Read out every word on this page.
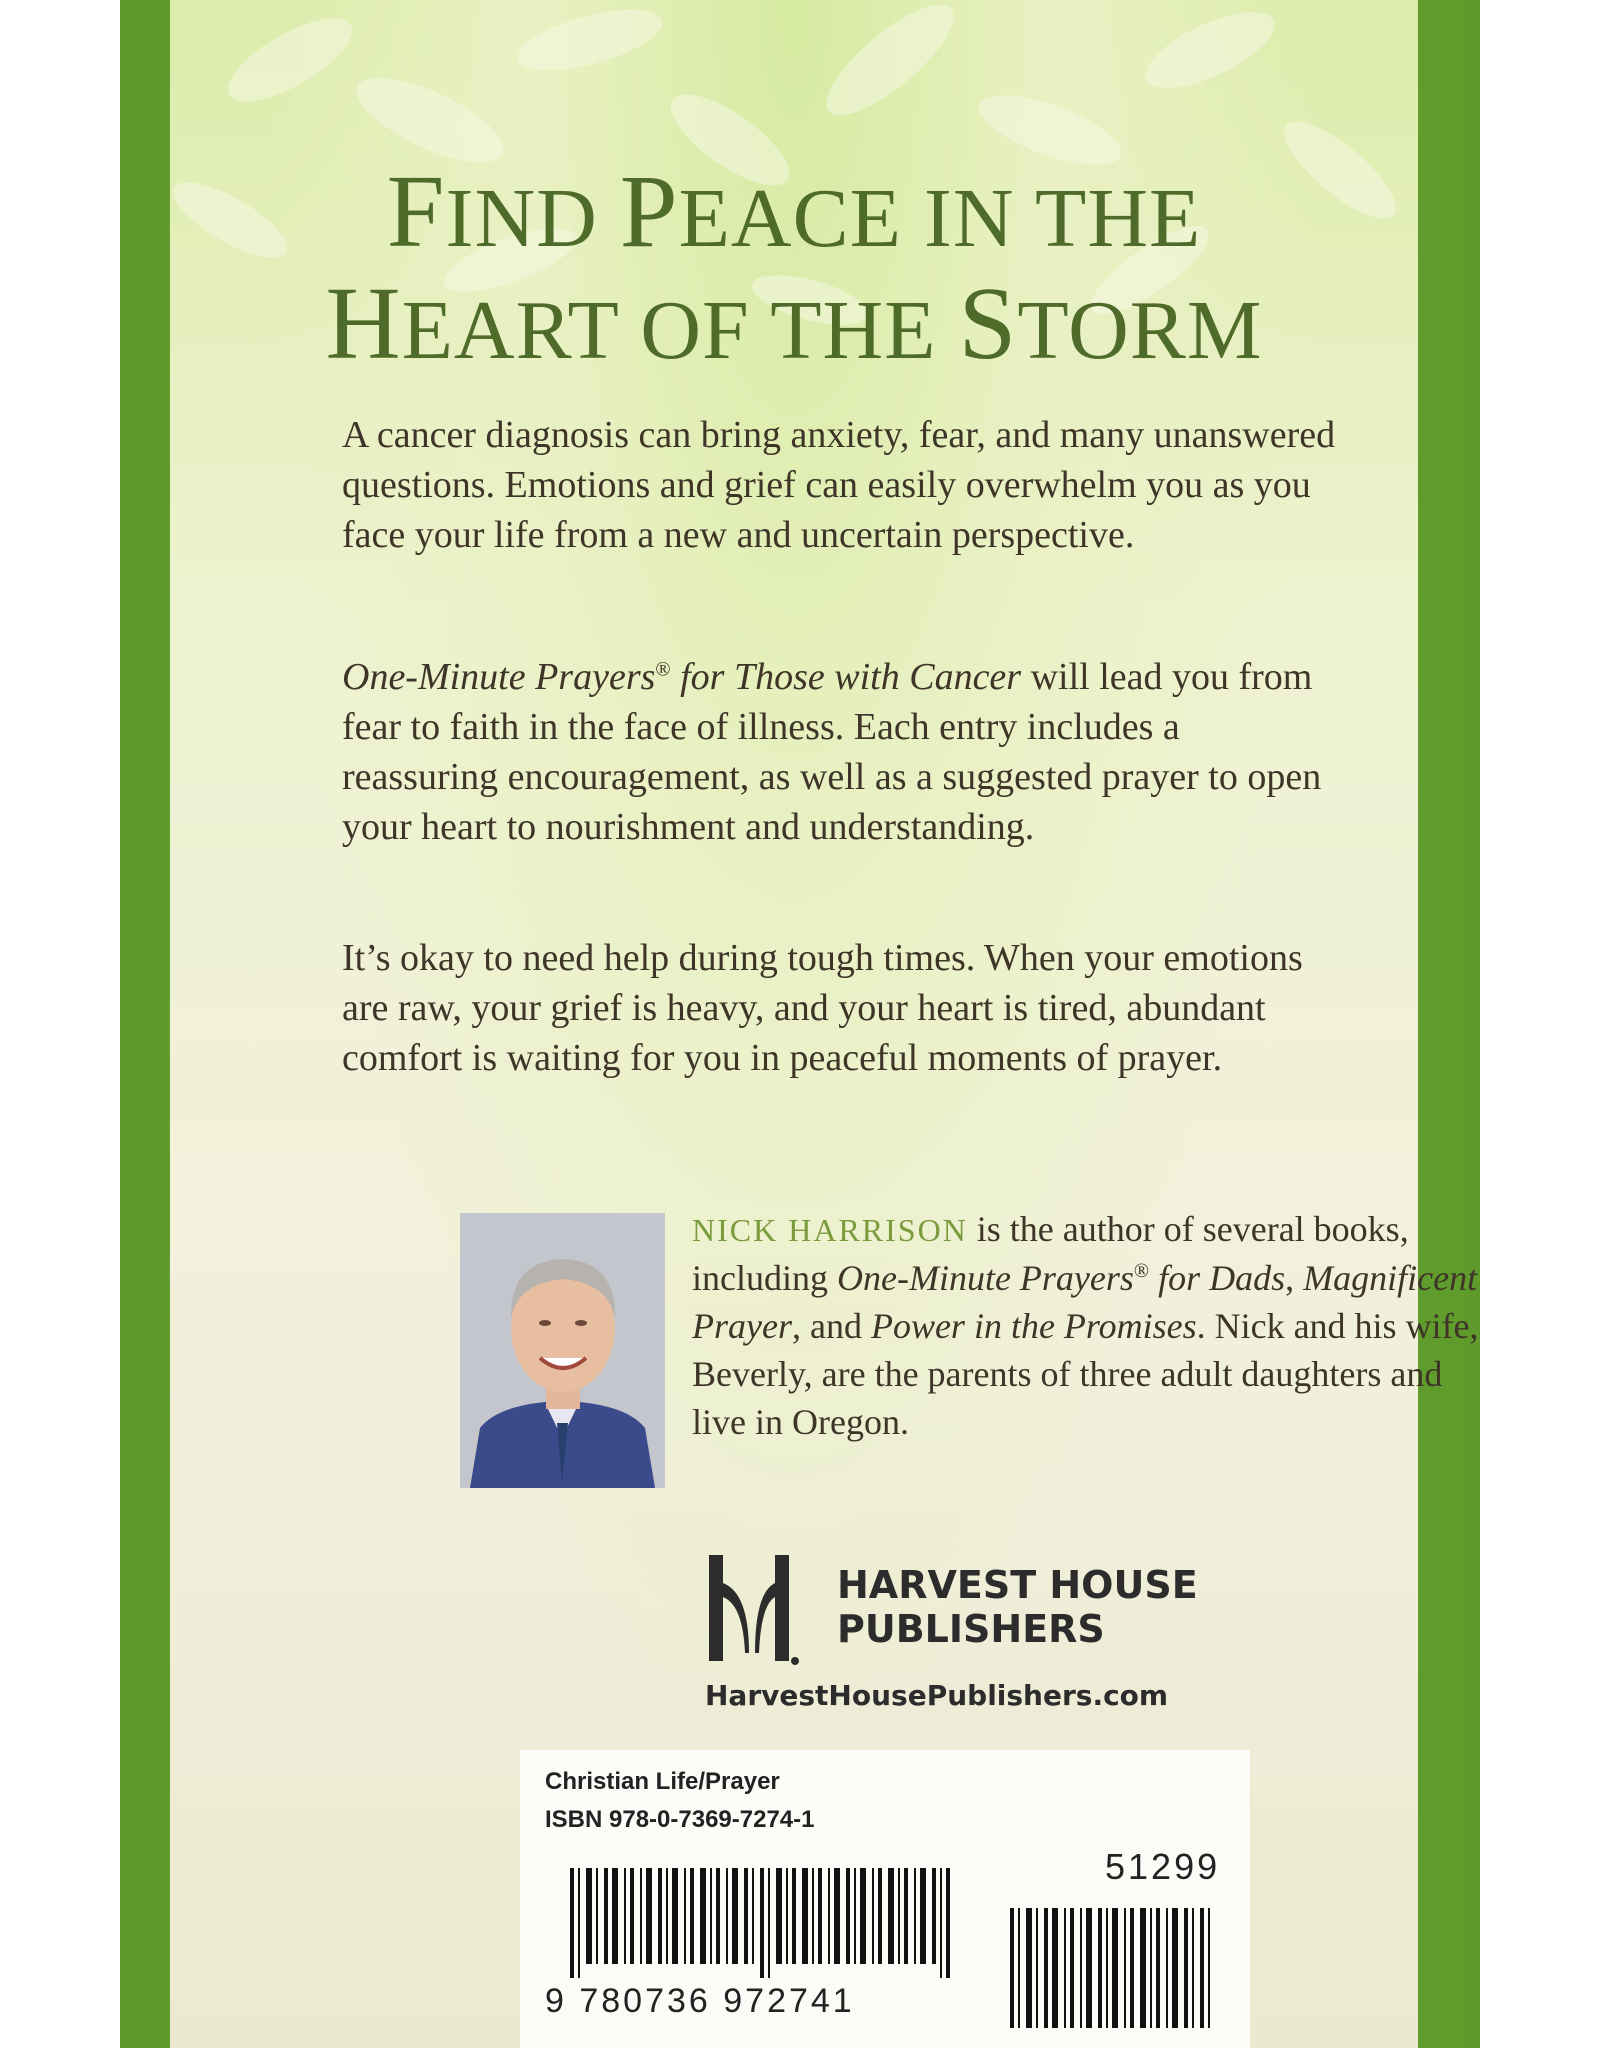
FIND PEACE IN THE
HEART OF THE STORM

A cancer diagnosis can bring anxiety, fear, and many unanswered questions. Emotions and grief can easily overwhelm you as you face your life from a new and uncertain perspective.

One-Minute Prayers® for Those with Cancer will lead you from fear to faith in the face of illness. Each entry includes a reassuring encouragement, as well as a suggested prayer to open your heart to nourishment and understanding.

It’s okay to need help during tough times. When your emotions are raw, your grief is heavy, and your heart is tired, abundant comfort is waiting for you in peaceful moments of prayer.

NICK HARRISON is the author of several books, including One-Minute Prayers® for Dads, Magnificent Prayer, and Power in the Promises. Nick and his wife, Beverly, are the parents of three adult daughters and live in Oregon.

HARVEST HOUSE
PUBLISHERS

HarvestHousePublishers.com
Christian Life/Prayer
ISBN 978-0-7369-7274-1
51299
9 780736 972741
